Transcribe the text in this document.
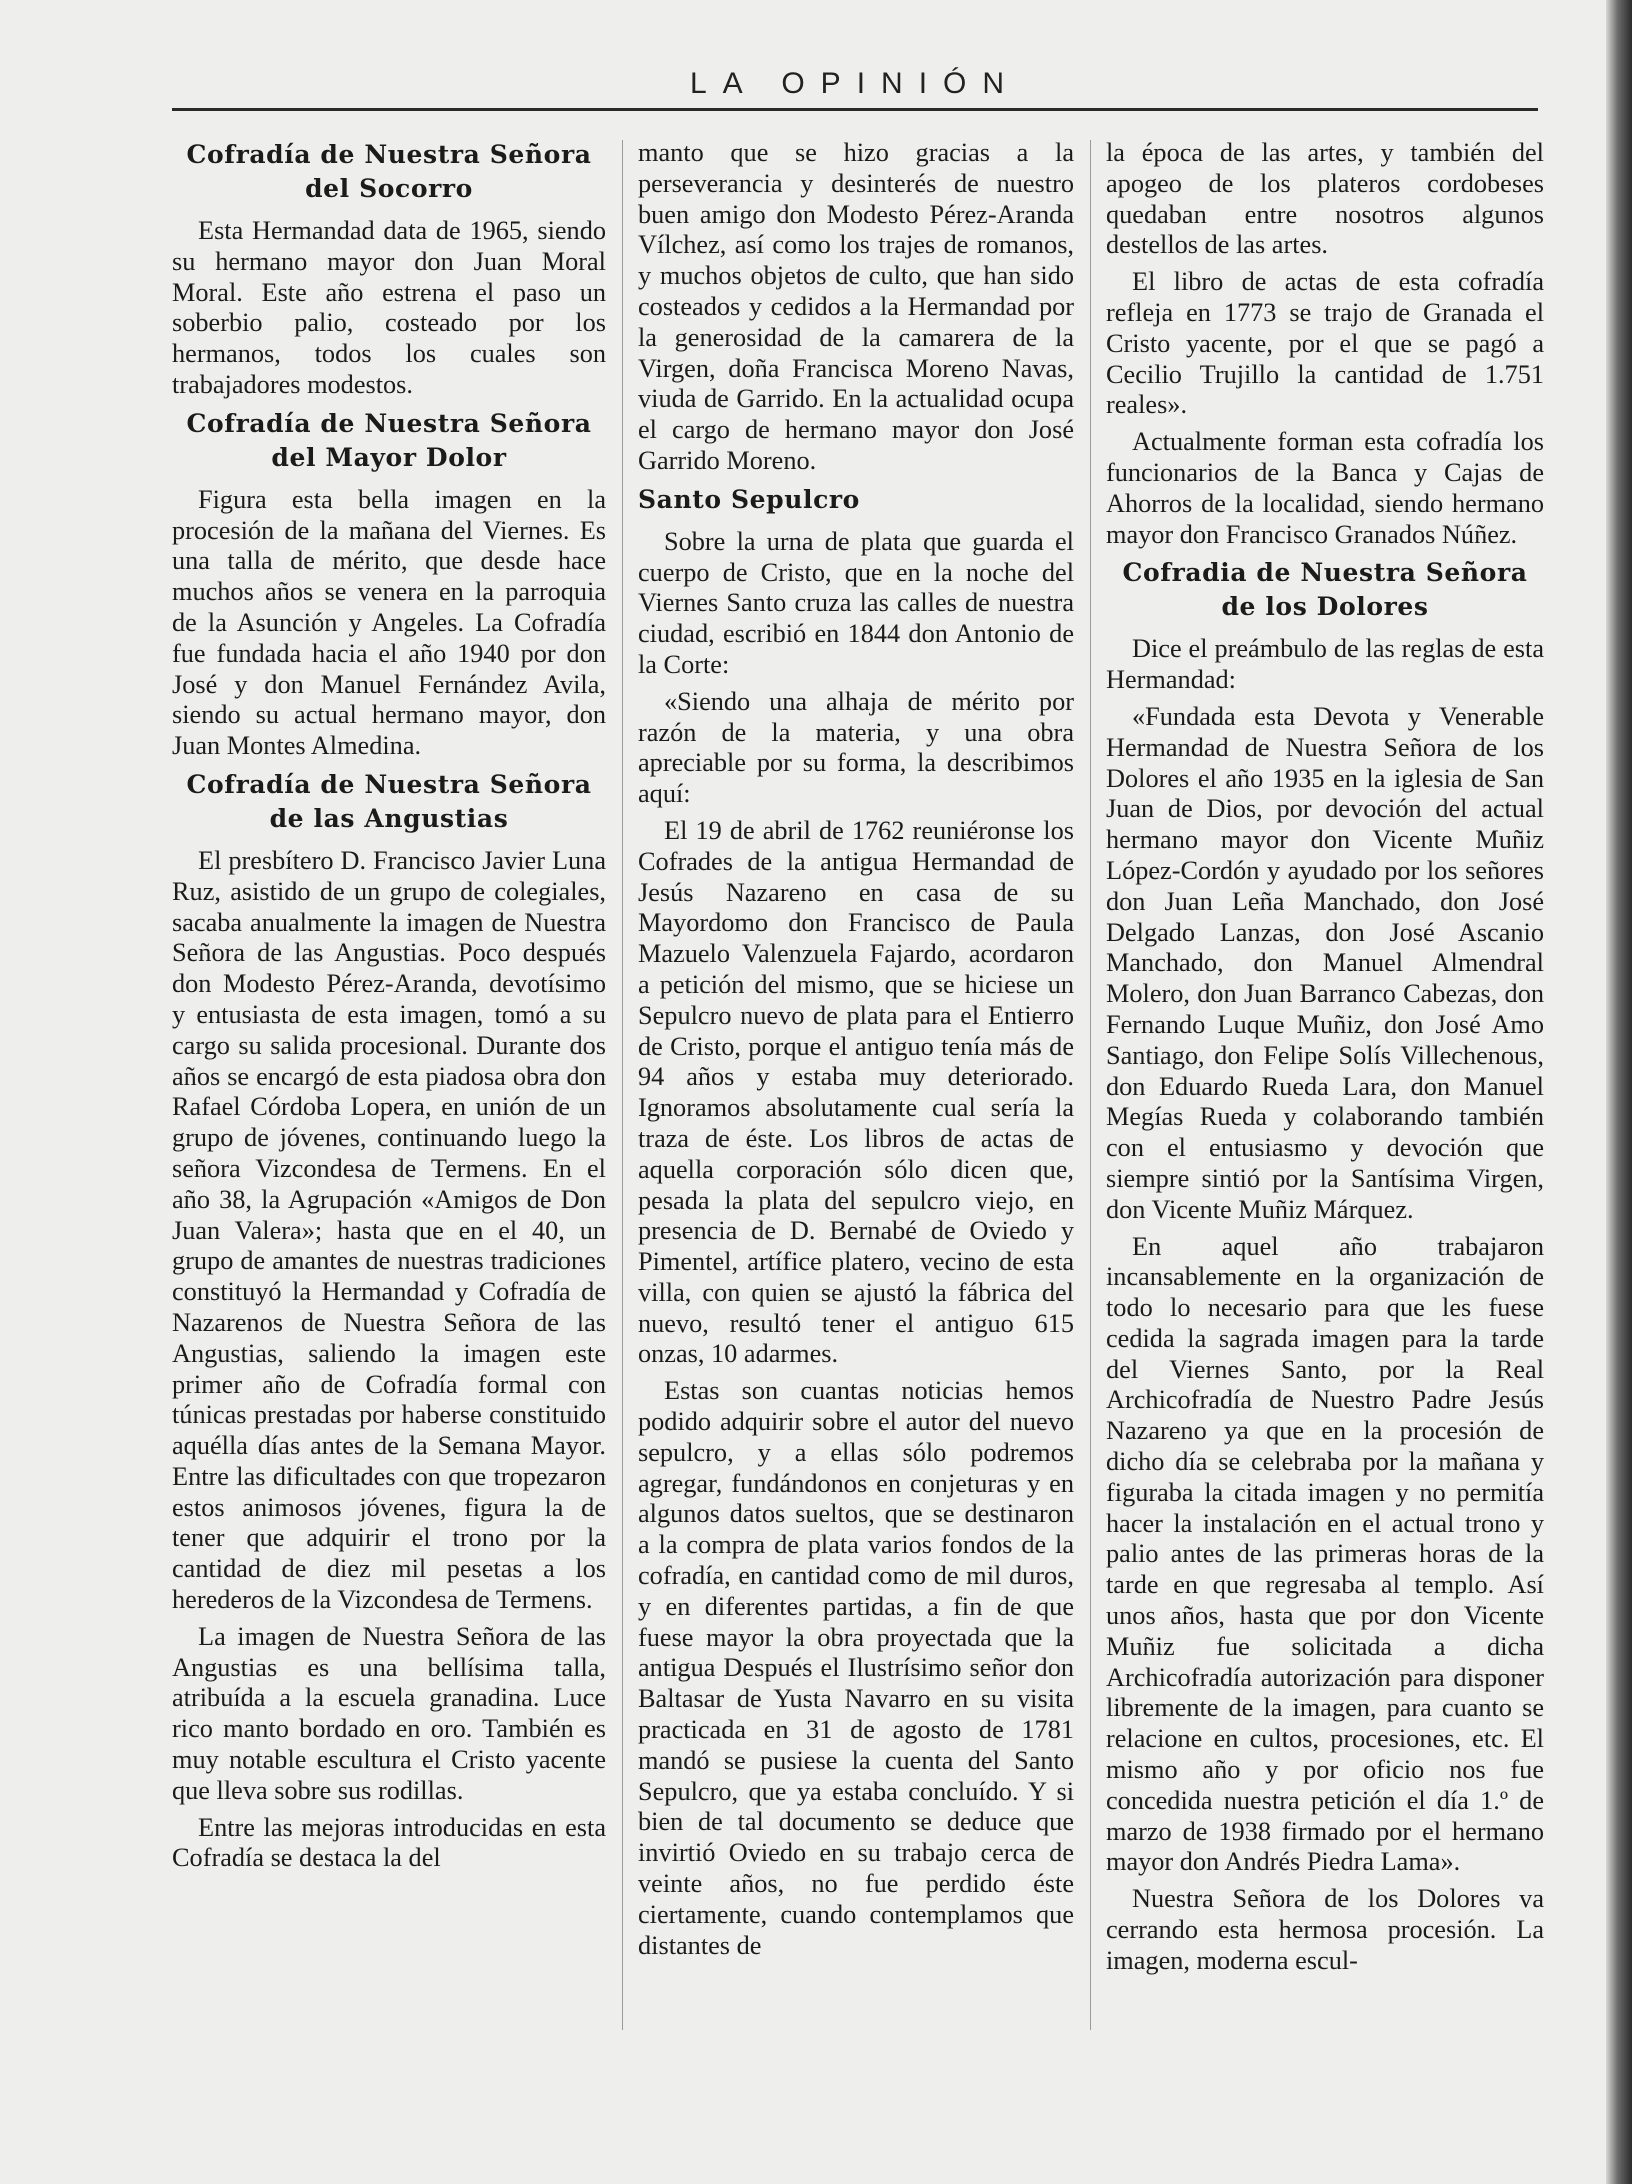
LA OPINIÓN
Cofradía de Nuestra Señora del Socorro

Esta Hermandad data de 1965, siendo su hermano mayor don Juan Moral Moral. Este año estrena el paso un soberbio palio, costeado por los hermanos, todos los cuales son trabajadores modestos.

Cofradía de Nuestra Señora del Mayor Dolor

Figura esta bella imagen en la procesión de la mañana del Viernes. Es una talla de mérito, que desde hace muchos años se venera en la parroquia de la Asunción y Angeles. La Cofradía fue fundada hacia el año 1940 por don José y don Manuel Fernández Avila, siendo su actual hermano mayor, don Juan Montes Almedina.

Cofradía de Nuestra Señora de las Angustias

El presbítero D. Francisco Javier Luna Ruz, asistido de un grupo de colegiales, sacaba anualmente la imagen de Nuestra Señora de las Angustias. Poco después don Modesto Pérez-Aranda, devotísimo y entusiasta de esta imagen, tomó a su cargo su salida procesional. Durante dos años se encargó de esta piadosa obra don Rafael Córdoba Lopera, en unión de un grupo de jóvenes, continuando luego la señora Vizcondesa de Termens. En el año 38, la Agrupación «Amigos de Don Juan Valera»; hasta que en el 40, un grupo de amantes de nuestras tradiciones constituyó la Hermandad y Cofradía de Nazarenos de Nuestra Señora de las Angustias, saliendo la imagen este primer año de Cofradía formal con túnicas prestadas por haberse constituido aquélla días antes de la Semana Mayor. Entre las dificultades con que tropezaron estos animosos jóvenes, figura la de tener que adquirir el trono por la cantidad de diez mil pesetas a los herederos de la Vizcondesa de Termens.

La imagen de Nuestra Señora de las Angustias es una bellísima talla, atribuída a la escuela granadina. Luce rico manto bordado en oro. También es muy notable escultura el Cristo yacente que lleva sobre sus rodillas.

Entre las mejoras introducidas en esta Cofradía se destaca la del

manto que se hizo gracias a la perseverancia y desinterés de nuestro buen amigo don Modesto Pérez-Aranda Vílchez, así como los trajes de romanos, y muchos objetos de culto, que han sido costeados y cedidos a la Hermandad por la generosidad de la camarera de la Virgen, doña Francisca Moreno Navas, viuda de Garrido. En la actualidad ocupa el cargo de hermano mayor don José Garrido Moreno.

Santo Sepulcro

Sobre la urna de plata que guarda el cuerpo de Cristo, que en la noche del Viernes Santo cruza las calles de nuestra ciudad, escribió en 1844 don Antonio de la Corte:

«Siendo una alhaja de mérito por razón de la materia, y una obra apreciable por su forma, la describimos aquí:

El 19 de abril de 1762 reuniéronse los Cofrades de la antigua Hermandad de Jesús Nazareno en casa de su Mayordomo don Francisco de Paula Mazuelo Valenzuela Fajardo, acordaron a petición del mismo, que se hiciese un Sepulcro nuevo de plata para el Entierro de Cristo, porque el antiguo tenía más de 94 años y estaba muy deteriorado. Ignoramos absolutamente cual sería la traza de éste. Los libros de actas de aquella corporación sólo dicen que, pesada la plata del sepulcro viejo, en presencia de D. Bernabé de Oviedo y Pimentel, artífice platero, vecino de esta villa, con quien se ajustó la fábrica del nuevo, resultó tener el antiguo 615 onzas, 10 adarmes.

Estas son cuantas noticias hemos podido adquirir sobre el autor del nuevo sepulcro, y a ellas sólo podremos agregar, fundándonos en conjeturas y en algunos datos sueltos, que se destinaron a la compra de plata varios fondos de la cofradía, en cantidad como de mil duros, y en diferentes partidas, a fin de que fuese mayor la obra proyectada que la antigua Después el Ilustrísimo señor don Baltasar de Yusta Navarro en su visita practicada en 31 de agosto de 1781 mandó se pusiese la cuenta del Santo Sepulcro, que ya estaba concluído. Y si bien de tal documento se deduce que invirtió Oviedo en su trabajo cerca de veinte años, no fue perdido éste ciertamente, cuando contemplamos que distantes de

la época de las artes, y también del apogeo de los plateros cordobeses quedaban entre nosotros algunos destellos de las artes.

El libro de actas de esta cofradía refleja en 1773 se trajo de Granada el Cristo yacente, por el que se pagó a Cecilio Trujillo la cantidad de 1.751 reales».

Actualmente forman esta cofradía los funcionarios de la Banca y Cajas de Ahorros de la localidad, siendo hermano mayor don Francisco Granados Núñez.

Cofradia de Nuestra Señora de los Dolores

Dice el preámbulo de las reglas de esta Hermandad:

«Fundada esta Devota y Venerable Hermandad de Nuestra Señora de los Dolores el año 1935 en la iglesia de San Juan de Dios, por devoción del actual hermano mayor don Vicente Muñiz López-Cordón y ayudado por los señores don Juan Leña Manchado, don José Delgado Lanzas, don José Ascanio Manchado, don Manuel Almendral Molero, don Juan Barranco Cabezas, don Fernando Luque Muñiz, don José Amo Santiago, don Felipe Solís Villechenous, don Eduardo Rueda Lara, don Manuel Megías Rueda y colaborando también con el entusiasmo y devoción que siempre sintió por la Santísima Virgen, don Vicente Muñiz Márquez.

En aquel año trabajaron incansablemente en la organización de todo lo necesario para que les fuese cedida la sagrada imagen para la tarde del Viernes Santo, por la Real Archicofradía de Nuestro Padre Jesús Nazareno ya que en la procesión de dicho día se celebraba por la mañana y figuraba la citada imagen y no permitía hacer la instalación en el actual trono y palio antes de las primeras horas de la tarde en que regresaba al templo. Así unos años, hasta que por don Vicente Muñiz fue solicitada a dicha Archicofradía autorización para disponer libremente de la imagen, para cuanto se relacione en cultos, procesiones, etc. El mismo año y por oficio nos fue concedida nuestra petición el día 1.º de marzo de 1938 firmado por el hermano mayor don Andrés Piedra Lama».

Nuestra Señora de los Dolores va cerrando esta hermosa procesión. La imagen, moderna escul-
